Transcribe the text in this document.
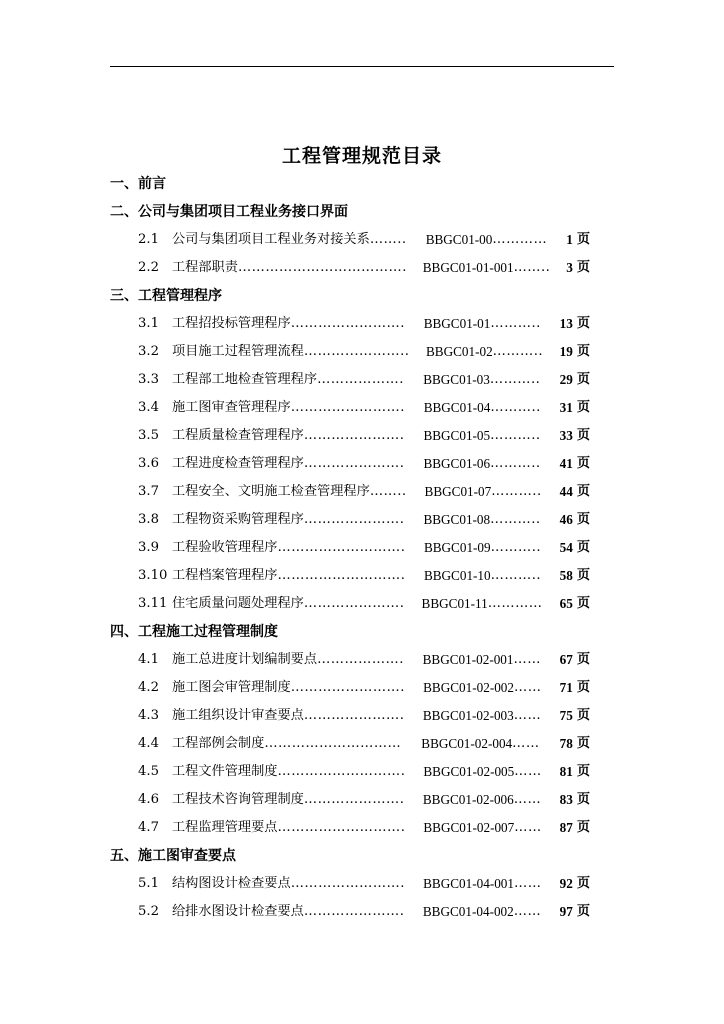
工程管理规范目录
一、前言
二、公司与集团项目工程业务接口界面
2.1 公司与集团项目工程业务对接关系 ……..	BBGC01-00 …………	1 页
2.2 工程部职责 ……………………………….	BBGC01-01-001 ……..	3 页
三、工程管理程序
3.1 工程招投标管理程序 …………………….	BBGC01-01 ………..	13 页
3.2 项目施工过程管理流程 ………...………..	BBGC01-02 ………..	19 页
3.3 工程部工地检查管理程序 ……………….	BBGC01-03 ………..	29 页
3.4 施工图审查管理程序 …………………….	BBGC01-04 ………..	31 页
3.5 工程质量检查管理程序 ………………….	BBGC01-05 ………..	33 页
3.6 工程进度检查管理程序 ………………….	BBGC01-06 ………..	41 页
3.7 工程安全、文明施工检查管理程序 ……..	BBGC01-07 ………..	44 页
3.8 工程物资采购管理程序 ………………….	BBGC01-08 ………..	46 页
3.9 工程验收管理程序 ……………………….	BBGC01-09 ………..	54 页
3.10 工程档案管理程序 ……………………….	BBGC01-10 ………..	58 页
3.11 住宅质量问题处理程序 ………………….	BBGC01-11 …………	65 页
四、工程施工过程管理制度
4.1 施工总进度计划编制要点 ……………….	BBGC01-02-001 ……	67 页
4.2 施工图会审管理制度 …………………….	BBGC01-02-002 ……	71 页
4.3 施工组织设计审查要点 ………………….	BBGC01-02-003 ……	75 页
4.4 工程部例会制度 …………………………	BBGC01-02-004 ……	78 页
4.5 工程文件管理制度 ……………………….	BBGC01-02-005 ……	81 页
4.6 工程技术咨询管理制度 ………………….	BBGC01-02-006 ……	83 页
4.7 工程监理管理要点 ……………………….	BBGC01-02-007 ……	87 页
五、施工图审查要点
5.1 结构图设计检查要点 …………………….	BBGC01-04-001 ……	92 页
5.2 给排水图设计检查要点 ………………….	BBGC01-04-002 ……	97 页
